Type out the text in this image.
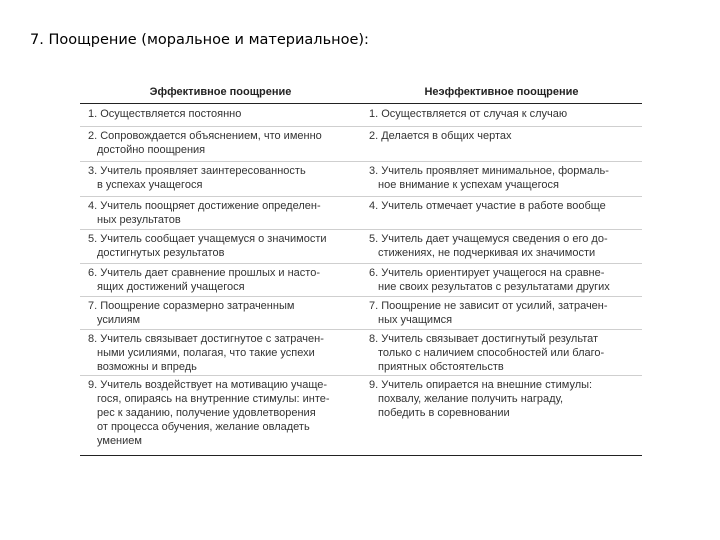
7. Поощрение (моральное и материальное):
Эффективное поощрение	Неэффективное поощрение
1. Осуществляется постоянно	1. Осуществляется от случая к случаю
2. Сопровождается объяснением, что именно
достойно поощрения
2. Делается в общих чертах
3. Учитель проявляет заинтересованность
в успехах учащегося
3. Учитель проявляет минимальное, формаль-
ное внимание к успехам учащегося
4. Учитель поощряет достижение определен-
ных результатов
4. Учитель отмечает участие в работе вообще
5. Учитель сообщает учащемуся о значимости
достигнутых результатов
5. Учитель дает учащемуся сведения о его до-
стижениях, не подчеркивая их значимости
6. Учитель дает сравнение прошлых и насто-
ящих достижений учащегося
6. Учитель ориентирует учащегося на сравне-
ние своих результатов с результатами других
7. Поощрение соразмерно затраченным
усилиям
7. Поощрение не зависит от усилий, затрачен-
ных учащимся
8. Учитель связывает достигнутое с затрачен-
ными усилиями, полагая, что такие успехи
возможны и впредь
8. Учитель связывает достигнутый результат
только с наличием способностей или благо-
приятных обстоятельств
9. Учитель воздействует на мотивацию учаще-
гося, опираясь на внутренние стимулы: инте-
рес к заданию, получение удовлетворения
от процесса обучения, желание овладеть
умением
9. Учитель опирается на внешние стимулы:
похвалу, желание получить награду,
победить в соревновании
